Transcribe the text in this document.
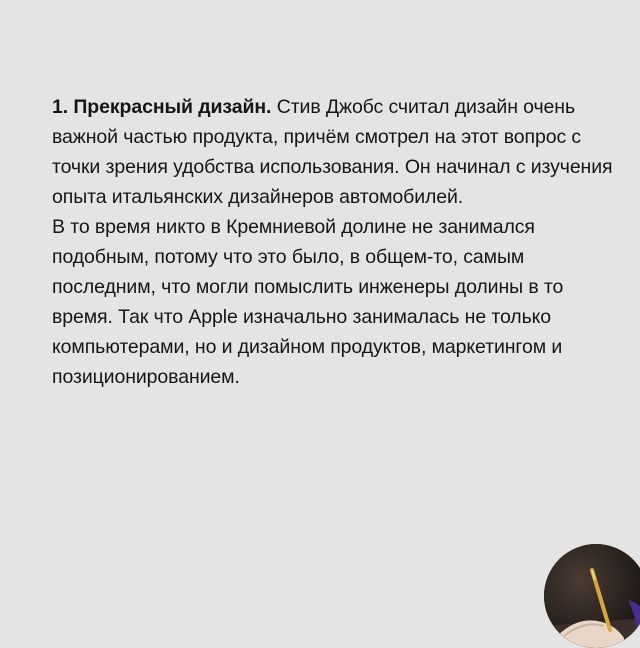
1. Прекрасный дизайн. Стив Джобс считал дизайн очень важной частью продукта, причём смотрел на этот вопрос с точки зрения удобства использования. Он начинал с изучения опыта итальянских дизайнеров автомобилей.

В то время никто в Кремниевой долине не занимался подобным, потому что это было, в общем-то, самым последним, что могли помыслить инженеры долины в то время. Так что Apple изначально занималась не только компьютерами, но и дизайном продуктов, маркетингом и позиционированием.
